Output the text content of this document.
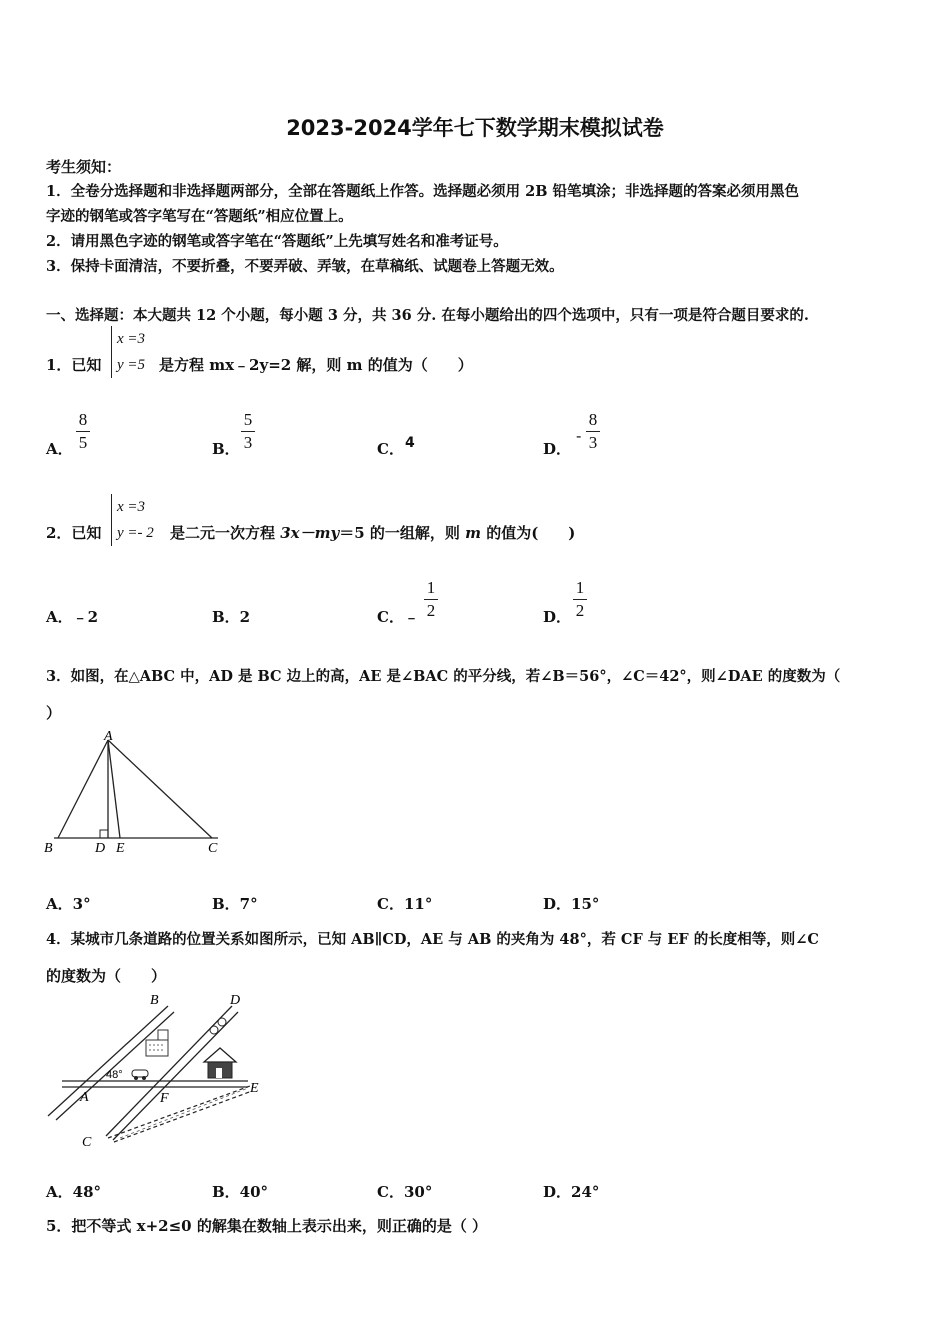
2023-2024学年七下数学期末模拟试卷
考生须知：
1．全卷分选择题和非选择题两部分，全部在答题纸上作答。选择题必须用 2B 铅笔填涂；非选择题的答案必须用黑色
字迹的钢笔或答字笔写在“答题纸”相应位置上。
2．请用黑色字迹的钢笔或答字笔在“答题纸”上先填写姓名和准考证号。
3．保持卡面清洁，不要折叠，不要弄破、弄皱，在草稿纸、试题卷上答题无效。
一、选择题：本大题共 12 个小题，每小题 3 分，共 36 分. 在每小题给出的四个选项中，只有一项是符合题目要求的.
1．已知
x =3
y =5 是方程 mx﹣2y=2 解，则 m 的值为（　　）
A．
8
5	B．
5
3	C． 4	D．
-
8
3
2．已知
x =3
y =- 2 是二元一次方程 3x－my＝5 的一组解，则 m 的值为(　　)
A．﹣2	B．2	C．﹣
1
2	D．
1
2
3．如图，在△ABC 中，AD 是 BC 边上的高，AE 是∠BAC 的平分线，若∠B＝56°，∠C＝42°，则∠DAE 的度数为（
）
A
B	D E	C
A．3°	B．7°	C．11°	D．15°
4．某城市几条道路的位置关系如图所示，已知 AB∥CD，AE 与 AB 的夹角为 48°，若 CF 与 EF 的长度相等，则∠C
的度数为（　　）
B	D
48°
A	F
E
C
A．48°	B．40°	C．30°	D．24°
5．把不等式 x+2≤0 的解集在数轴上表示出来，则正确的是（ ）
